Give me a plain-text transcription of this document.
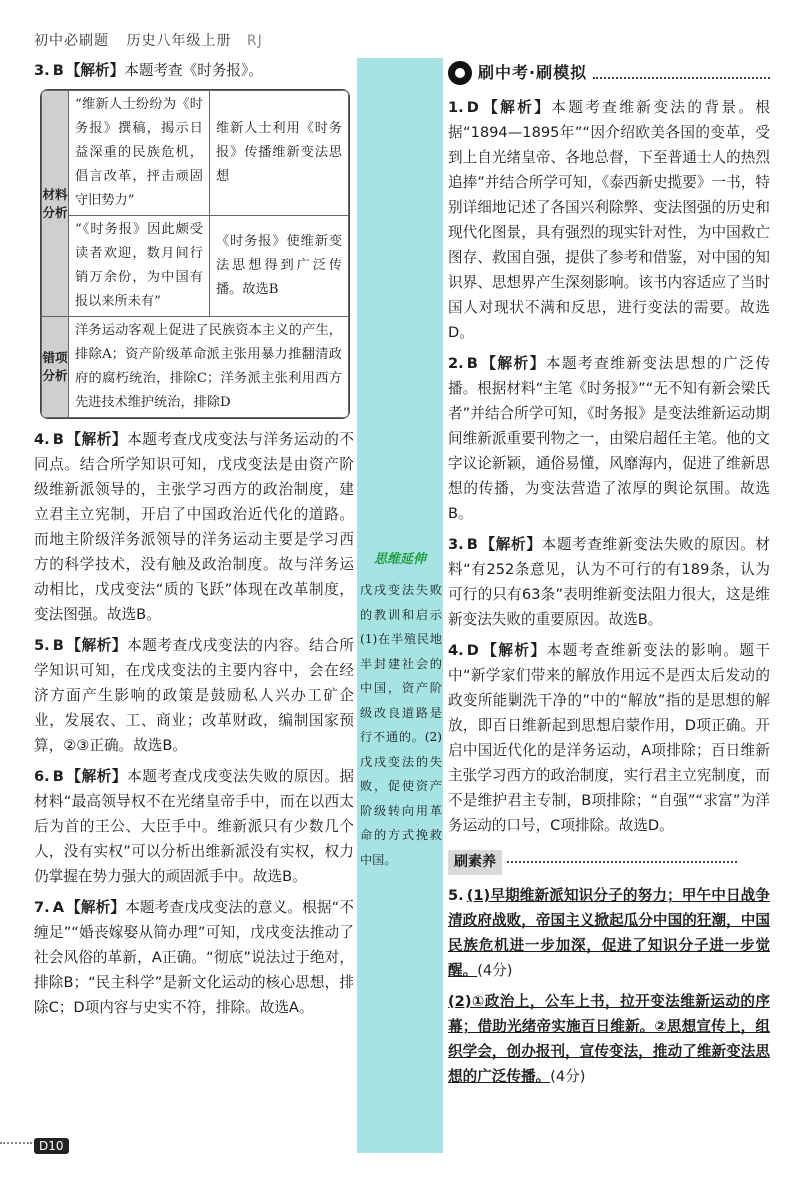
初中必刷题 历史八年级上册 RJ
3. B 【解析】本题考查《时务报》。
材料分析	“维新人士纷纷为《时务报》撰稿，揭示日益深重的民族危机，倡言改革，抨击顽固守旧势力”	维新人士利用《时务报》传播维新变法思想
	“《时务报》因此颇受读者欢迎，数月间行销万余份，为中国有报以来所未有”	《时务报》使维新变法思想得到广泛传播。故选B
错项分析	洋务运动客观上促进了民族资本主义的产生，排除A；资产阶级革命派主张用暴力推翻清政府的腐朽统治，排除C；洋务派主张利用西方先进技术维护统治，排除D	
4. B 【解析】本题考查戊戌变法与洋务运动的不同点。结合所学知识可知，戊戌变法是由资产阶级维新派领导的，主张学习西方的政治制度，建立君主立宪制，开启了中国政治近代化的道路。而地主阶级洋务派领导的洋务运动主要是学习西方的科学技术，没有触及政治制度。故与洋务运动相比，戊戌变法“质的飞跃”体现在改革制度，变法图强。故选B。
5. B 【解析】本题考查戊戌变法的内容。结合所学知识可知，在戊戌变法的主要内容中，会在经济方面产生影响的政策是鼓励私人兴办工矿企业，发展农、工、商业；改革财政，编制国家预算，②③正确。故选B。
6. B 【解析】本题考查戊戌变法失败的原因。据材料“最高领导权不在光绪皇帝手中，而在以西太后为首的王公、大臣手中。维新派只有少数几个人，没有实权”可以分析出维新派没有实权，权力仍掌握在势力强大的顽固派手中。故选B。
7. A 【解析】本题考查戊戌变法的意义。根据“不缠足”“婚丧嫁娶从简办理”可知，戊戌变法推动了社会风俗的革新，A正确。“彻底”说法过于绝对，排除B；“民主科学”是新文化运动的核心思想，排除C；D项内容与史实不符，排除。故选A。
思维延伸
戊戌变法失败的教训和启示(1)在半殖民地半封建社会的中国，资产阶级改良道路是行不通的。(2)戊戌变法的失败，促使资产阶级转向用革命的方式挽救中国。
刷中考·刷模拟
1. D 【解析】本题考查维新变法的背景。根据“1894—1895年”“因介绍欧美各国的变革，受到上自光绪皇帝、各地总督，下至普通士人的热烈追捧”并结合所学可知，《泰西新史揽要》一书，特别详细地记述了各国兴利除弊、变法图强的历史和现代化图景，具有强烈的现实针对性，为中国救亡图存、救国自强，提供了参考和借鉴，对中国的知识界、思想界产生深刻影响。该书内容适应了当时国人对现状不满和反思，进行变法的需要。故选D。
2. B 【解析】本题考查维新变法思想的广泛传播。根据材料“主笔《时务报》”“无不知有新会梁氏者”并结合所学可知，《时务报》是变法维新运动期间维新派重要刊物之一，由梁启超任主笔。他的文字议论新颖，通俗易懂，风靡海内，促进了维新思想的传播，为变法营造了浓厚的舆论氛围。故选B。
3. B 【解析】本题考查维新变法失败的原因。材料“有252条意见，认为不可行的有189条，认为可行的只有63条”表明维新变法阻力很大，这是维新变法失败的重要原因。故选B。
4. D 【解析】本题考查维新变法的影响。题干中“新学家们带来的解放作用远不是西太后发动的政变所能剿洗干净的”中的“解放”指的是思想的解放，即百日维新起到思想启蒙作用，D项正确。开启中国近代化的是洋务运动，A项排除；百日维新主张学习西方的政治制度，实行君主立宪制度，而不是维护君主专制，B项排除；“自强”“求富”为洋务运动的口号，C项排除。故选D。
刷素养
5. (1)早期维新派知识分子的努力；甲午中日战争清政府战败，帝国主义掀起瓜分中国的狂潮，中国民族危机进一步加深，促进了知识分子进一步觉醒。(4分)
(2)①政治上，公车上书，拉开变法维新运动的序幕；借助光绪帝实施百日维新。②思想宣传上，组织学会，创办报刊，宣传变法，推动了维新变法思想的广泛传播。(4分)
D10
